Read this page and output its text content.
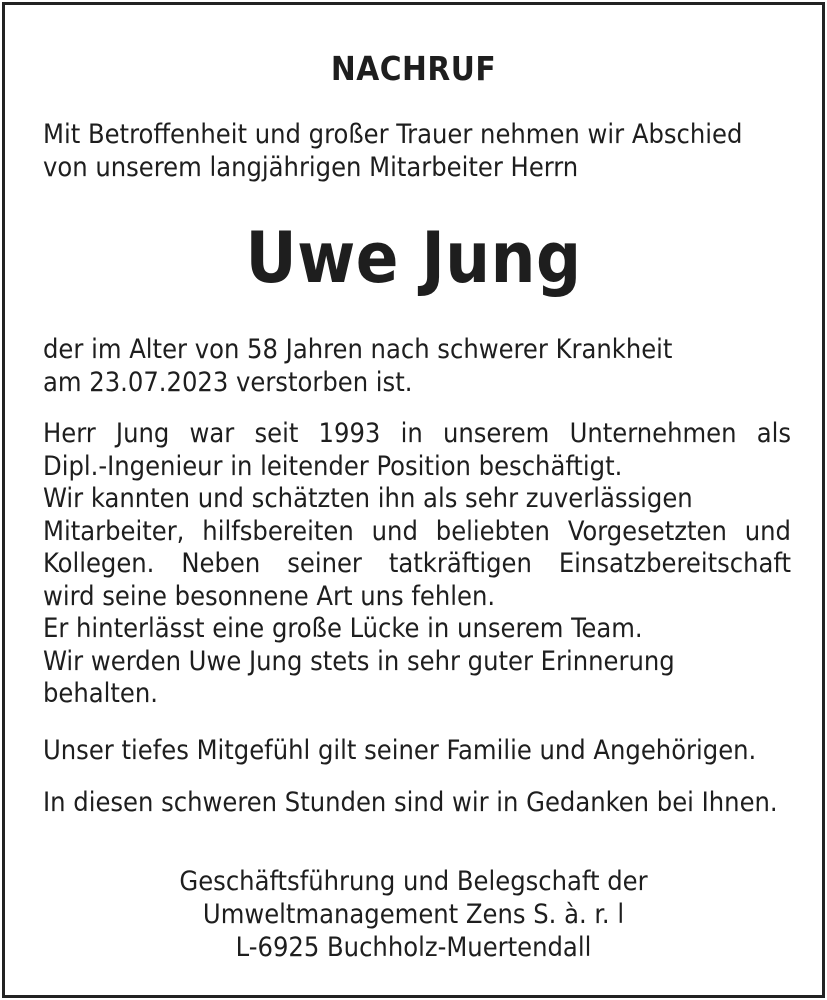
NACHRUF
Mit Betroffenheit und großer Trauer nehmen wir Abschied
von unserem langjährigen Mitarbeiter Herrn
Uwe Jung
der im Alter von 58 Jahren nach schwerer Krankheit
am 23.07.2023 verstorben ist.
Herr Jung war seit 1993 in unserem Unternehmen als
Dipl.-Ingenieur in leitender Position beschäftigt.
Wir kannten und schätzten ihn als sehr zuverlässigen
Mitarbeiter, hilfsbereiten und beliebten Vorgesetzten und
Kollegen. Neben seiner tatkräftigen Einsatzbereitschaft
wird seine besonnene Art uns fehlen.
Er hinterlässt eine große Lücke in unserem Team.
Wir werden Uwe Jung stets in sehr guter Erinnerung
behalten.
Unser tiefes Mitgefühl gilt seiner Familie und Angehörigen.
In diesen schweren Stunden sind wir in Gedanken bei Ihnen.
Geschäftsführung und Belegschaft der
Umweltmanagement Zens S. à. r. l
L-6925 Buchholz-Muertendall
